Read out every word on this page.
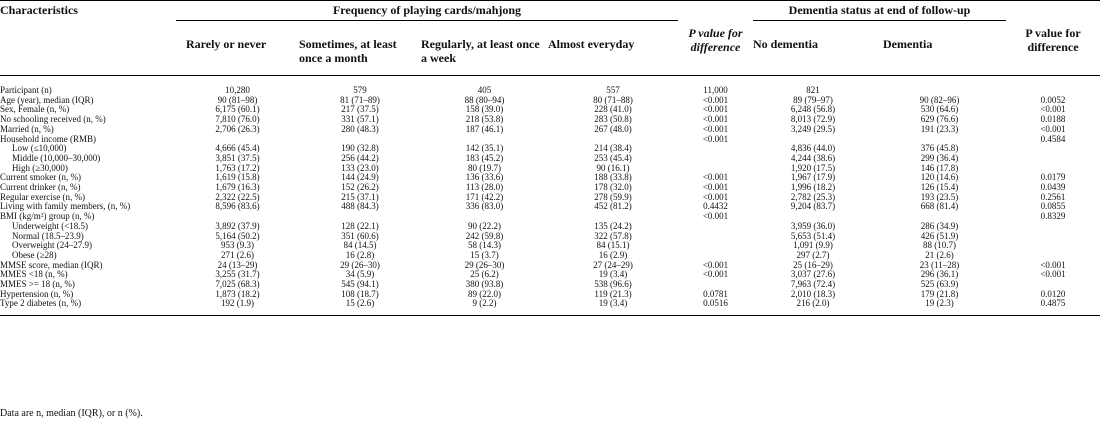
Characteristics	Frequency of playing cards/mahjong				P value for difference	Dementia status at end of follow-up		P value for difference

	Rarely or never	Sometimes, at least once a month	Regularly, at least once a week	Almost everyday		No dementia	Dementia	

Participant (n)	10,280	579	405	557	11,000	821		
Age (year), median (IQR)	90 (81–98)	81 (71–89)	88 (80–94)	80 (71–88)	<0.001	89 (79–97)	90 (82–96)	0.0052
Sex, Female (n, %)	6,175 (60.1)	217 (37.5)	158 (39.0)	228 (41.0)	<0.001	6,248 (56.8)	530 (64.6)	<0.001
No schooling received (n, %)	7,810 (76.0)	331 (57.1)	218 (53.8)	283 (50.8)	<0.001	8,013 (72.9)	629 (76.6)	0.0188
Married (n, %)	2,706 (26.3)	280 (48.3)	187 (46.1)	267 (48.0)	<0.001	3,249 (29.5)	191 (23.3)	<0.001
Household income (RMB)					<0.001			0.4584
Low (≤10,000)	4,666 (45.4)	190 (32.8)	142 (35.1)	214 (38.4)		4,836 (44.0)	376 (45.8)	
Middle (10,000–30,000)	3,851 (37.5)	256 (44.2)	183 (45.2)	253 (45.4)		4,244 (38.6)	299 (36.4)	
High (≥30,000)	1,763 (17.2)	133 (23.0)	80 (19.7)	90 (16.1)		1,920 (17.5)	146 (17.8)	
Current smoker (n, %)	1,619 (15.8)	144 (24.9)	136 (33.6)	188 (33.8)	<0.001	1,967 (17.9)	120 (14.6)	0.0179
Current drinker (n, %)	1,679 (16.3)	152 (26.2)	113 (28.0)	178 (32.0)	<0.001	1,996 (18.2)	126 (15.4)	0.0439
Regular exercise (n, %)	2,322 (22.5)	215 (37.1)	171 (42.2)	278 (59.9)	<0.001	2,782 (25.3)	193 (23.5)	0.2561
Living with family members, (n, %)	8,596 (83.6)	488 (84.3)	336 (83.0)	452 (81.2)	0.4432	9,204 (83.7)	668 (81.4)	0.0855
BMI (kg/m²) group (n, %)					<0.001			0.8329
Underweight (<18.5)	3,892 (37.9)	128 (22.1)	90 (22.2)	135 (24.2)		3,959 (36.0)	286 (34.9)	
Normal (18.5–23.9)	5,164 (50.2)	351 (60.6)	242 (59.8)	322 (57.8)		5,653 (51.4)	426 (51.9)	
Overweight (24–27.9)	953 (9.3)	84 (14.5)	58 (14.3)	84 (15.1)		1,091 (9.9)	88 (10.7)	
Obese (≥28)	271 (2.6)	16 (2.8)	15 (3.7)	16 (2.9)		297 (2.7)	21 (2.6)	
MMSE score, median (IQR)	24 (13–29)	29 (26–30)	29 (26–30)	27 (24–29)	<0.001	25 (16–29)	23 (11–28)	<0.001
MMES <18 (n, %)	3,255 (31.7)	34 (5.9)	25 (6.2)	19 (3.4)	<0.001	3,037 (27.6)	296 (36.1)	<0.001
MMES >= 18 (n, %)	7,025 (68.3)	545 (94.1)	380 (93.8)	538 (96.6)		7,963 (72.4)	525 (63.9)	
Hypertension (n, %)	1,873 (18.2)	108 (18.7)	89 (22.0)	119 (21.3)	0.0781	2,010 (18.3)	179 (21.8)	0.0120
Type 2 diabetes (n, %)	192 (1.9)	15 (2.6)	9 (2.2)	19 (3.4)	0.0516	216 (2.0)	19 (2.3)	0.4875

Data are n, median (IQR), or n (%).
